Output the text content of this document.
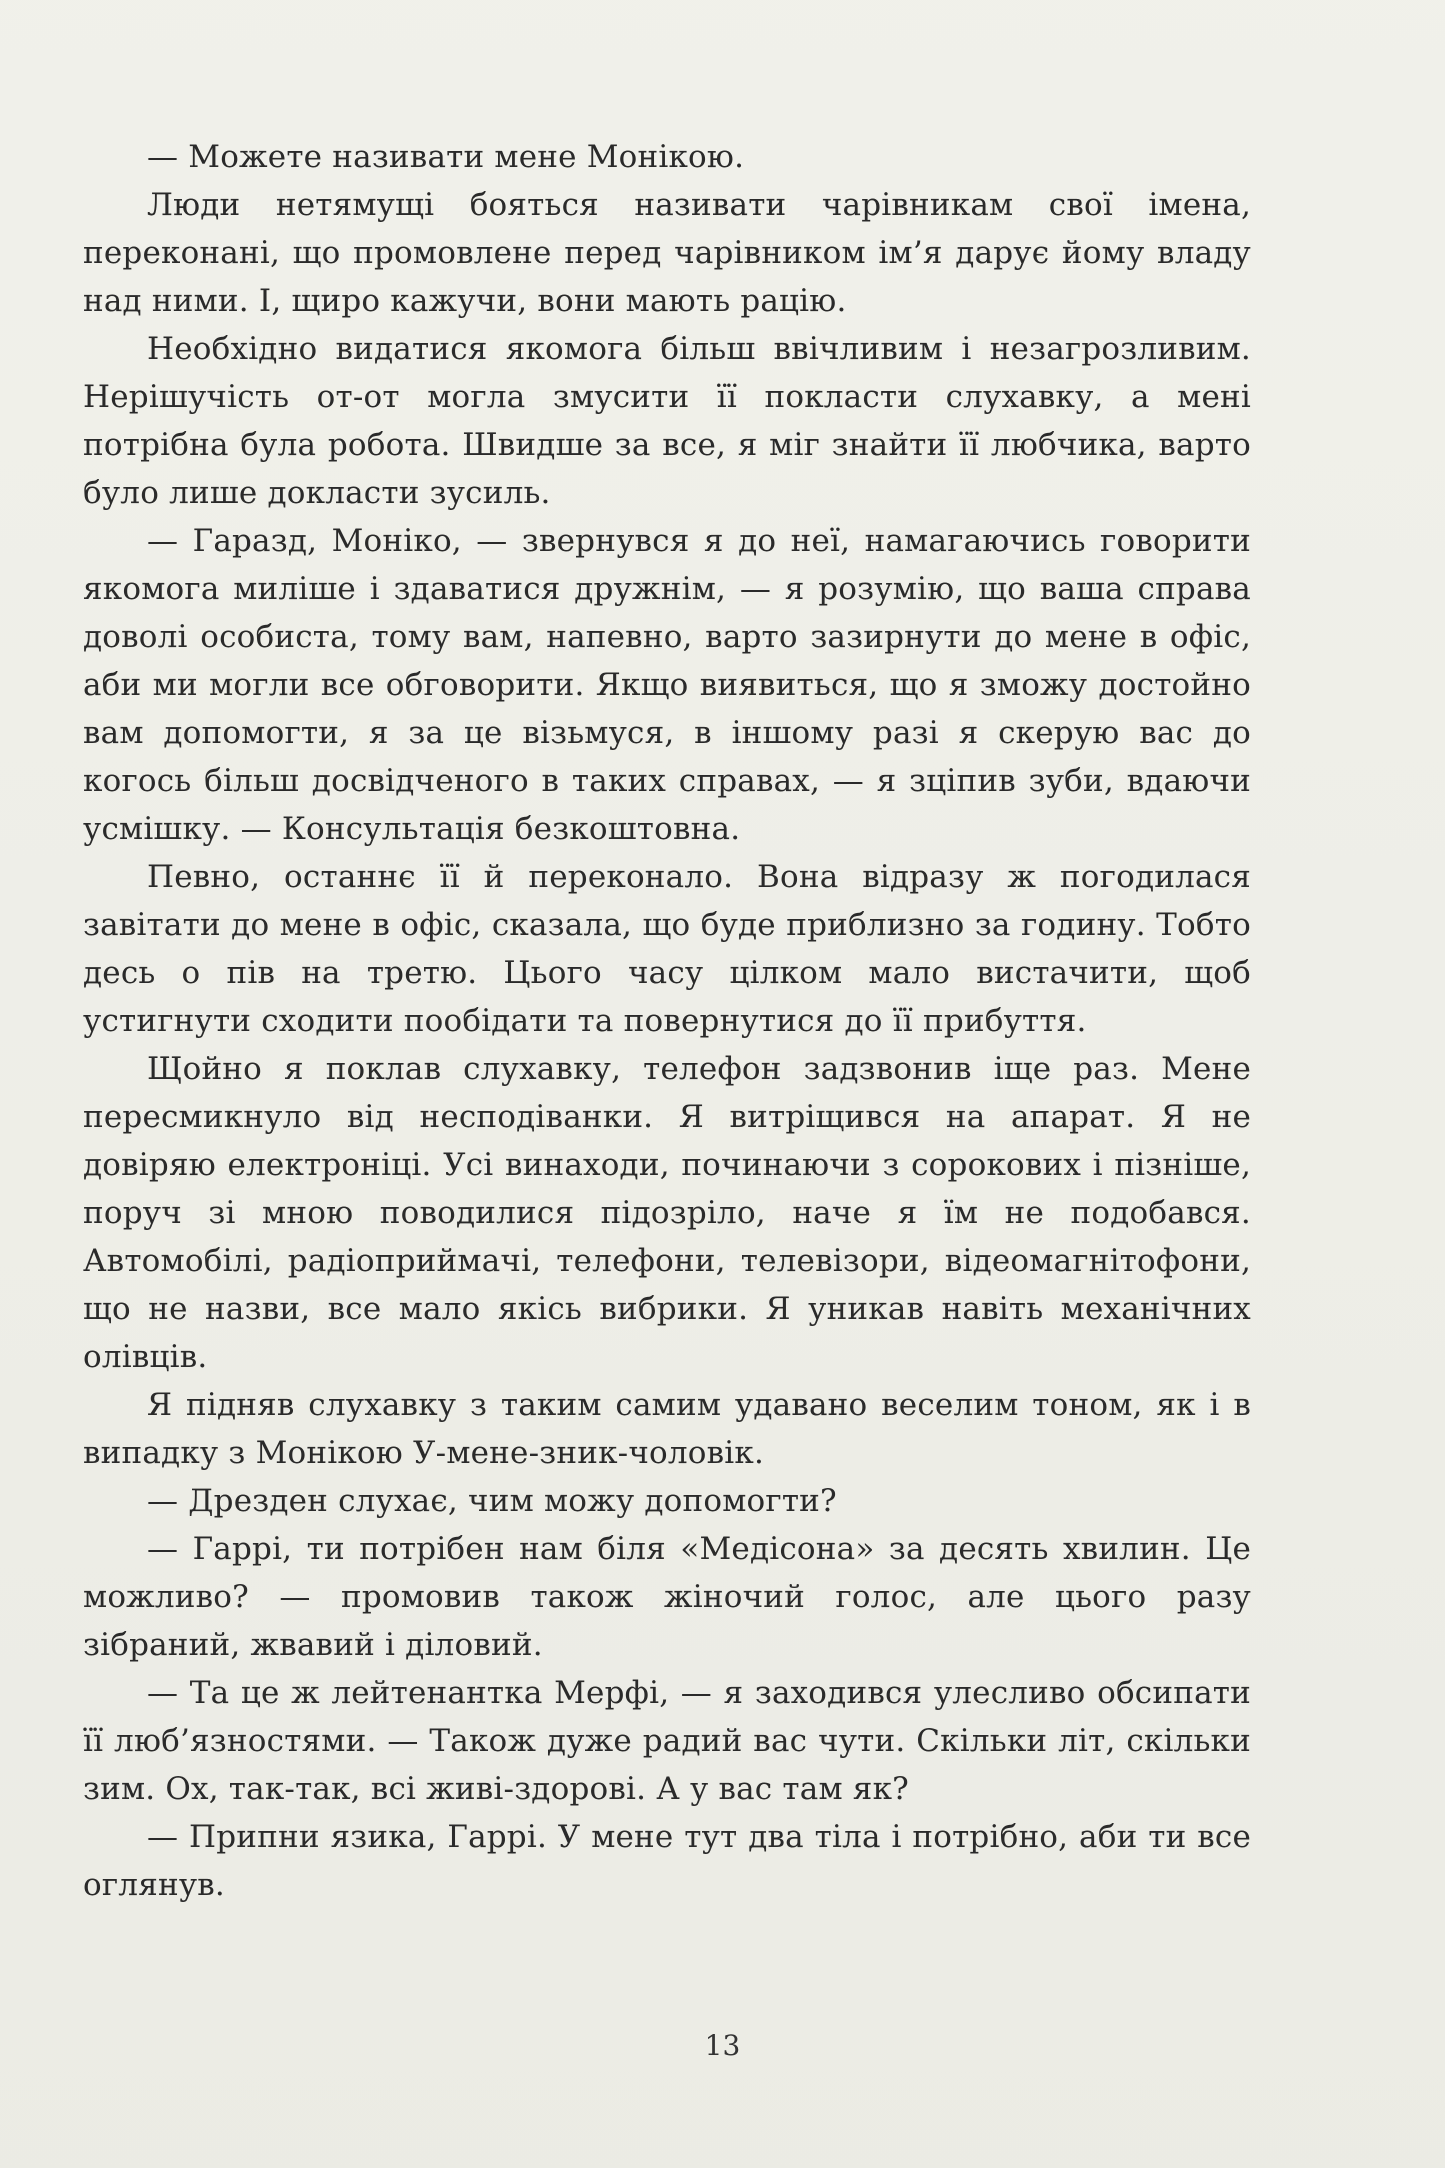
— Можете називати мене Монікою.

Люди нетямущі бояться називати чарівникам свої імена, переконані, що промовлене перед чарівником ім’я дарує йому владу над ними. І, щиро кажучи, вони мають рацію.

Необхідно видатися якомога більш ввічливим і незагрозливим. Нерішучість от-от могла змусити її покласти слухавку, а мені потрібна була робота. Швидше за все, я міг знайти її любчика, варто було лише докласти зусиль.

— Гаразд, Моніко, — звернувся я до неї, намагаючись говорити якомога миліше і здаватися дружнім, — я розумію, що ваша справа доволі особиста, тому вам, напевно, варто зазирнути до мене в офіс, аби ми могли все обговорити. Якщо виявиться, що я зможу достойно вам допомогти, я за це візьмуся, в іншому разі я скерую вас до когось більш досвідченого в таких справах, — я зціпив зуби, вдаючи усмішку. — Консультація безкоштовна.

Певно, останнє її й переконало. Вона відразу ж погодилася завітати до мене в офіс, сказала, що буде приблизно за годину. Тобто десь о пів на третю. Цього часу цілком мало вистачити, щоб устигнути сходити пообідати та повернутися до її прибуття.

Щойно я поклав слухавку, телефон задзвонив іще раз. Мене пересмикнуло від несподіванки. Я витріщився на апарат. Я не довіряю електроніці. Усі винаходи, починаючи з сорокових і пізніше, поруч зі мною поводилися підозріло, наче я їм не подобався. Автомобілі, радіоприймачі, телефони, телевізори, відеомагнітофони, що не назви, все мало якісь вибрики. Я уникав навіть механічних олівців.

Я підняв слухавку з таким самим удавано веселим тоном, як і в випадку з Монікою У-мене-зник-чоловік.

— Дрезден слухає, чим можу допомогти?

— Гаррі, ти потрібен нам біля «Медісона» за десять хвилин. Це можливо? — промовив також жіночий голос, але цього разу зібраний, жвавий і діловий.

— Та це ж лейтенантка Мерфі, — я заходився улесливо обсипати її люб’язностями. — Також дуже радий вас чути. Скільки літ, скільки зим. Ох, так-так, всі живі-здорові. А у вас там як?

— Припни язика, Гаррі. У мене тут два тіла і потрібно, аби ти все оглянув.

13
